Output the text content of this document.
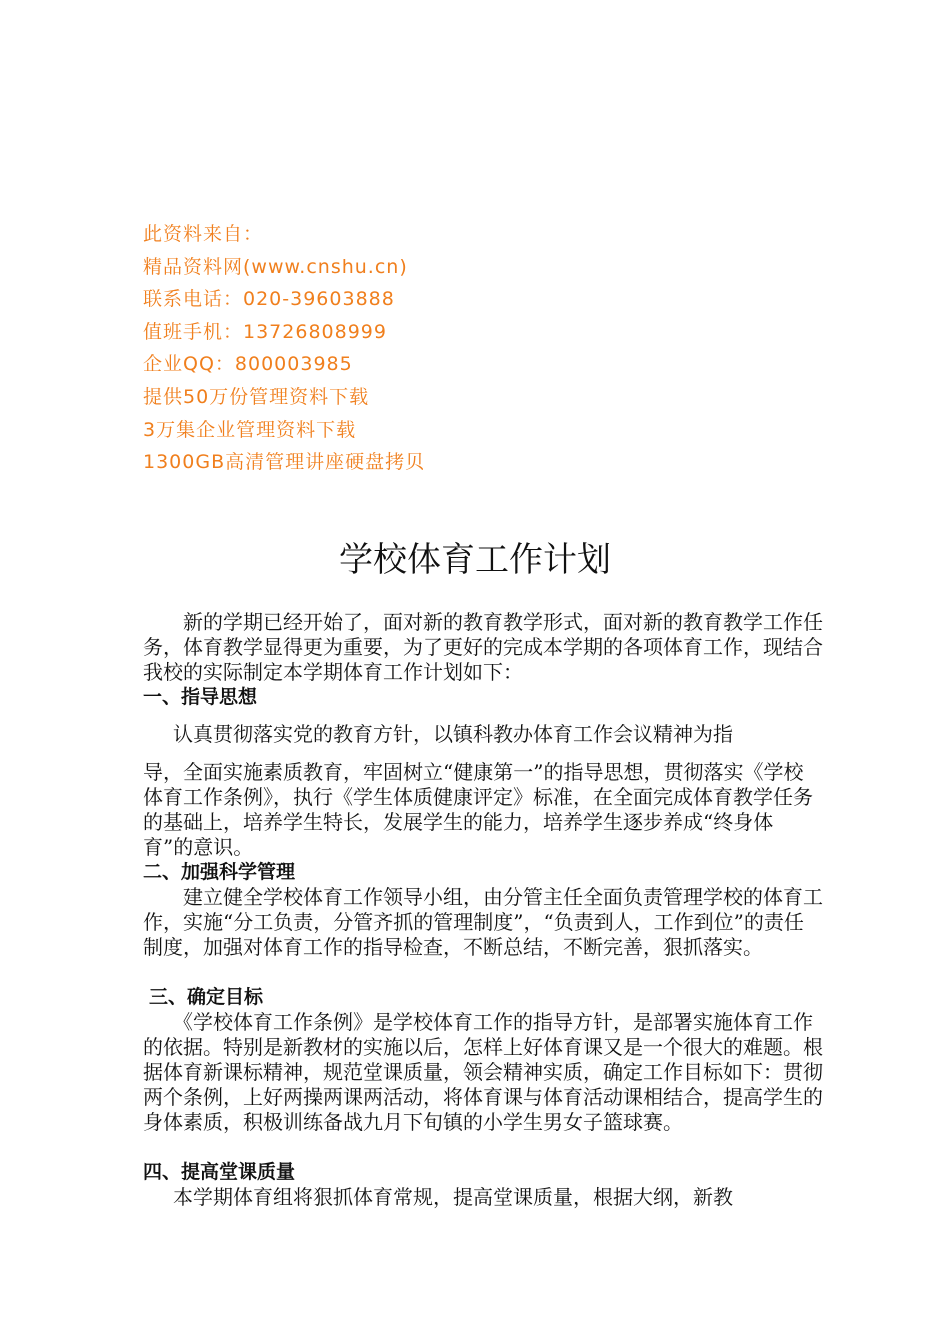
此资料来自：
精品资料网(www.cnshu.cn)
联系电话：020-39603888
值班手机：13726808999
企业QQ：800003985
提供50万份管理资料下载
3万集企业管理资料下载
1300GB高清管理讲座硬盘拷贝
学校体育工作计划
新的学期已经开始了，面对新的教育教学形式，面对新的教育教学工作任务，体育教学显得更为重要，为了更好的完成本学期的各项体育工作，现结合我校的实际制定本学期体育工作计划如下：
一、指导思想
认真贯彻落实党的教育方针，以镇科教办体育工作会议精神为指
导，全面实施素质教育，牢固树立“健康第一”的指导思想，贯彻落实《学校体育工作条例》，执行《学生体质健康评定》标准，在全面完成体育教学任务的基础上，培养学生特长，发展学生的能力，培养学生逐步养成“终身体育”的意识。
二、加强科学管理
建立健全学校体育工作领导小组，由分管主任全面负责管理学校的体育工作，实施“分工负责，分管齐抓的管理制度”，“负责到人，工作到位”的责任制度，加强对体育工作的指导检查，不断总结，不断完善，狠抓落实。
三、确定目标
《学校体育工作条例》是学校体育工作的指导方针，是部署实施体育工作的依据。特别是新教材的实施以后，怎样上好体育课又是一个很大的难题。根据体育新课标精神，规范堂课质量，领会精神实质，确定工作目标如下：贯彻两个条例，上好两操两课两活动，将体育课与体育活动课相结合，提高学生的身体素质，积极训练备战九月下旬镇的小学生男女子篮球赛。
四、提高堂课质量
本学期体育组将狠抓体育常规，提高堂课质量，根据大纲，新教
